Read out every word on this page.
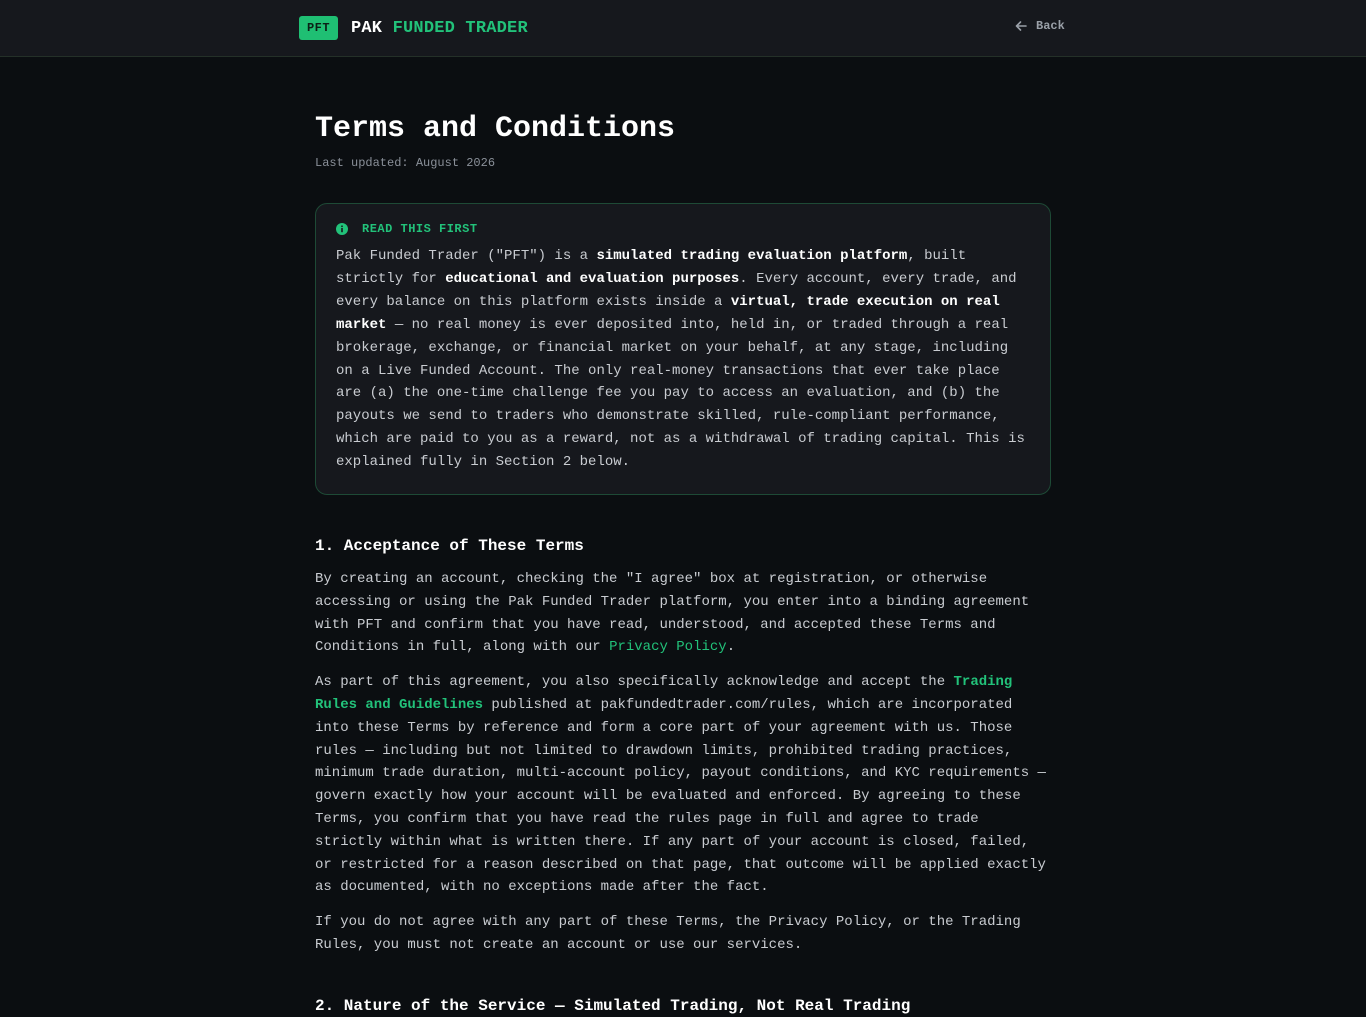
PFT	PAK FUNDED TRADER	Back
Terms and Conditions
Last updated: August 2026
READ THIS FIRST
Pak Funded Trader ("PFT") is a simulated trading evaluation platform, built strictly for educational and evaluation purposes. Every account, every trade, and every balance on this platform exists inside a virtual, trade execution on real market — no real money is ever deposited into, held in, or traded through a real brokerage, exchange, or financial market on your behalf, at any stage, including on a Live Funded Account. The only real-money transactions that ever take place are (a) the one-time challenge fee you pay to access an evaluation, and (b) the payouts we send to traders who demonstrate skilled, rule-compliant performance, which are paid to you as a reward, not as a withdrawal of trading capital. This is explained fully in Section 2 below.
1. Acceptance of These Terms

By creating an account, checking the "I agree" box at registration, or otherwise accessing or using the Pak Funded Trader platform, you enter into a binding agreement with PFT and confirm that you have read, understood, and accepted these Terms and Conditions in full, along with our Privacy Policy.

As part of this agreement, you also specifically acknowledge and accept the Trading Rules and Guidelines published at pakfundedtrader.com/rules, which are incorporated into these Terms by reference and form a core part of your agreement with us. Those rules — including but not limited to drawdown limits, prohibited trading practices, minimum trade duration, multi-account policy, payout conditions, and KYC requirements — govern exactly how your account will be evaluated and enforced. By agreeing to these Terms, you confirm that you have read the rules page in full and agree to trade strictly within what is written there. If any part of your account is closed, failed, or restricted for a reason described on that page, that outcome will be applied exactly as documented, with no exceptions made after the fact.

If you do not agree with any part of these Terms, the Privacy Policy, or the Trading Rules, you must not create an account or use our services.

2. Nature of the Service — Simulated Trading, Not Real Trading
